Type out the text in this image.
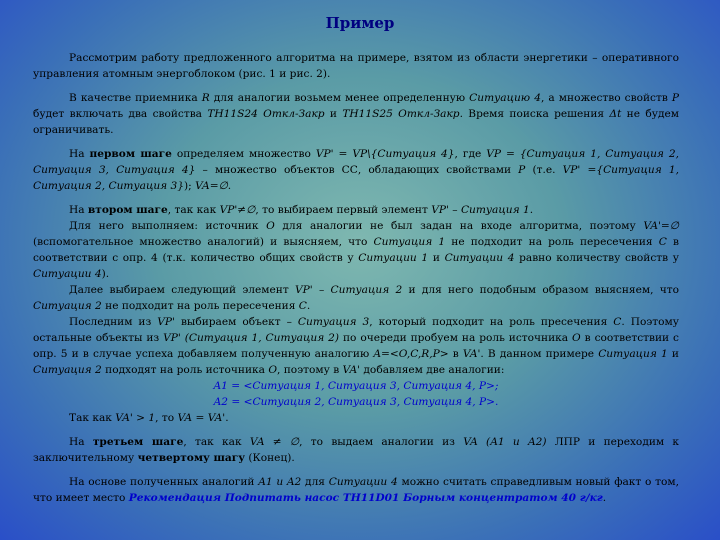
Пример

Рассмотрим работу предложенного алгоритма на примере, взятом из области энергетики – оперативного управления атомным энергоблоком (рис. 1 и рис. 2).

В качестве приемника R для аналогии возьмем менее определенную Ситуацию 4, а множество свойств P будет включать два свойства TH11S24 Откл-Закр и TH11S25 Откл-Закр. Время поиска решения Δt не будем ограничивать.

На первом шаге определяем множество VP' = VP\{Ситуация 4}, где VP = {Ситуация 1, Ситуация 2, Ситуация 3, Ситуация 4} – множество объектов СС, обладающих свойствами P (т.е. VP' ={Ситуация 1, Ситуация 2, Ситуация 3}); VA=∅.

На втором шаге, так как VP'≠∅, то выбираем первый элемент VP' – Ситуация 1.

Для него выполняем: источник O для аналогии не был задан на входе алгоритма, поэтому VA'=∅ (вспомогательное множество аналогий) и выясняем, что Ситуация 1 не подходит на роль пересечения C в соответствии с опр. 4 (т.к. количество общих свойств у Ситуации 1 и Ситуации 4 равно количеству свойств у Ситуации 4).

Далее выбираем следующий элемент VP' – Ситуация 2 и для него подобным образом выясняем, что Ситуация 2 не подходит на роль пересечения C.

Последним из VP' выбираем объект – Ситуация 3, который подходит на роль пресечения C. Поэтому остальные объекты из VP' (Ситуация 1, Ситуация 2) по очереди пробуем на роль источника O в соответствии с опр. 5 и в случае успеха добавляем полученную аналогию A=<O,C,R,P> в VA'. В данном примере Ситуация 1 и Ситуация 2 подходят на роль источника O, поэтому в VA' добавляем две аналогии:

A1 = <Ситуация 1, Ситуация 3, Ситуация 4, P>;

A2 = <Ситуация 2, Ситуация 3, Ситуация 4, P>.

Так как VA' > 1, то VA = VA'.

На третьем шаге, так как VA ≠ ∅, то выдаем аналогии из VA (A1 и A2) ЛПР и переходим к заключительному четвертому шагу (Конец).

На основе полученных аналогий A1 и A2 для Ситуации 4 можно считать справедливым новый факт о том, что имеет место Рекомендация Подпитать насос TH11D01 Борным концентратом 40 г/кг.
